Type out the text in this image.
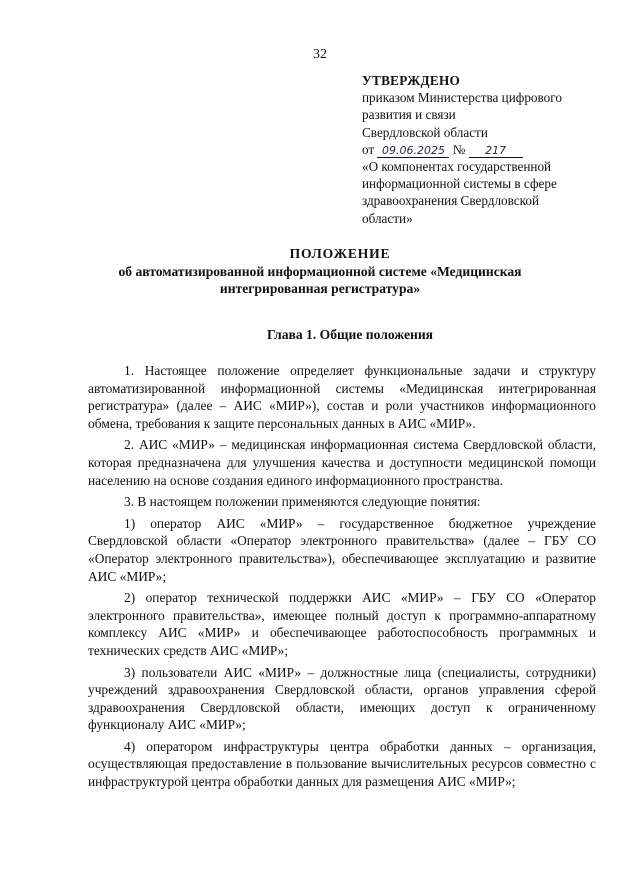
32
УТВЕРЖДЕНО
приказом Министерства цифрового
развития и связи
Свердловской области
от 09.06.2025 № 217
«О компонентах государственной
информационной системы в сфере
здравоохранения Свердловской
области»
ПОЛОЖЕНИЕ
об автоматизированной информационной системе «Медицинская
интегрированная регистратура»
Глава 1. Общие положения

1. Настоящее положение определяет функциональные задачи и структуру автоматизированной информационной системы «Медицинская интегрированная регистратура» (далее – АИС «МИР»), состав и роли участников информационного обмена, требования к защите персональных данных в АИС «МИР».

2. АИС «МИР» – медицинская информационная система Свердловской области, которая предназначена для улучшения качества и доступности медицинской помощи населению на основе создания единого информационного пространства.

3. В настоящем положении применяются следующие понятия:

1) оператор АИС «МИР» – государственное бюджетное учреждение Свердловской области «Оператор электронного правительства» (далее – ГБУ СО «Оператор электронного правительства»), обеспечивающее эксплуатацию и развитие АИС «МИР»;

2) оператор технической поддержки АИС «МИР» – ГБУ СО «Оператор электронного правительства», имеющее полный доступ к программно-аппаратному комплексу АИС «МИР» и обеспечивающее работоспособность программных и технических средств АИС «МИР»;

3) пользователи АИС «МИР» – должностные лица (специалисты, сотрудники) учреждений здравоохранения Свердловской области, органов управления сферой здравоохранения Свердловской области, имеющих доступ к ограниченному функционалу АИС «МИР»;

4) оператором инфраструктуры центра обработки данных – организация, осуществляющая предоставление в пользование вычислительных ресурсов совместно с инфраструктурой центра обработки данных для размещения АИС «МИР»;
